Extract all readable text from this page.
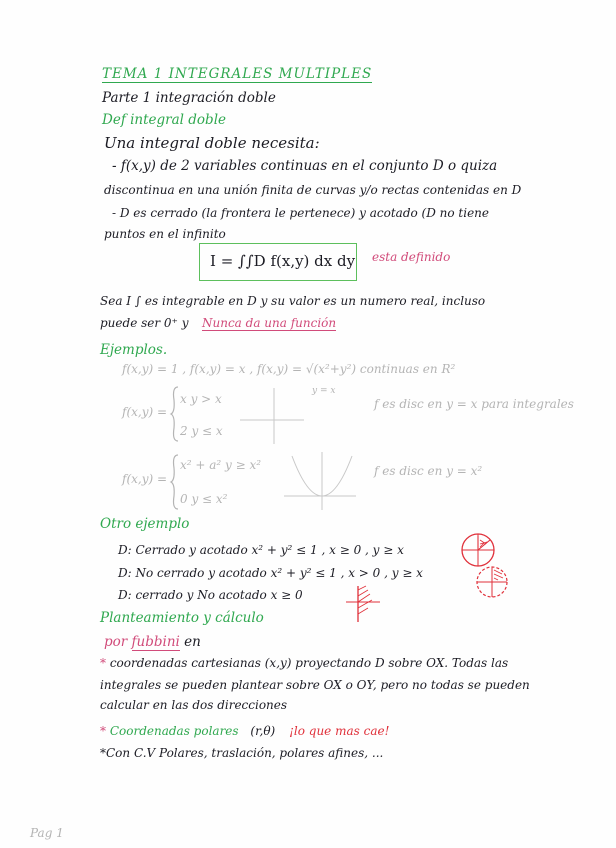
TEMA 1 INTEGRALES MULTIPLES
Parte 1 integración doble
Def integral doble
Una integral doble necesita:
- f(x,y) de 2 variables continuas en el conjunto D o quiza
discontinua en una unión finita de curvas y/o rectas contenidas en D
- D es cerrado (la frontera le pertenece) y acotado (D no tiene
puntos en el infinito
I = ∫∫D f(x,y) dx dy esta definido
Sea I ∫ es integrable en D y su valor es un numero real, incluso
puede ser 0⁺ y Nunca da una función
Ejemplos.
f(x,y) = 1 , f(x,y) = x , f(x,y) = √(x²+y²) continuas en R²
f(x,y) =
x y > x
2 y ≤ x
y = x
f es disc en y = x para integrales
f(x,y) =
x² + a² y ≥ x²
0 y ≤ x²
f es disc en y = x²
Otro ejemplo
D: Cerrado y acotado x² + y² ≤ 1 , x ≥ 0 , y ≥ x
D: No cerrado y acotado x² + y² ≤ 1 , x > 0 , y ≥ x
D: cerrado y No acotado x ≥ 0
Planteamiento y cálculo
por fubbini en
* coordenadas cartesianas (x,y) proyectando D sobre OX. Todas las
integrales se pueden plantear sobre OX o OY, pero no todas se pueden
calcular en las dos direcciones
* Coordenadas polares (r,θ) ¡lo que mas cae!
*Con C.V Polares, traslación, polares afines, ...
Pag 1
